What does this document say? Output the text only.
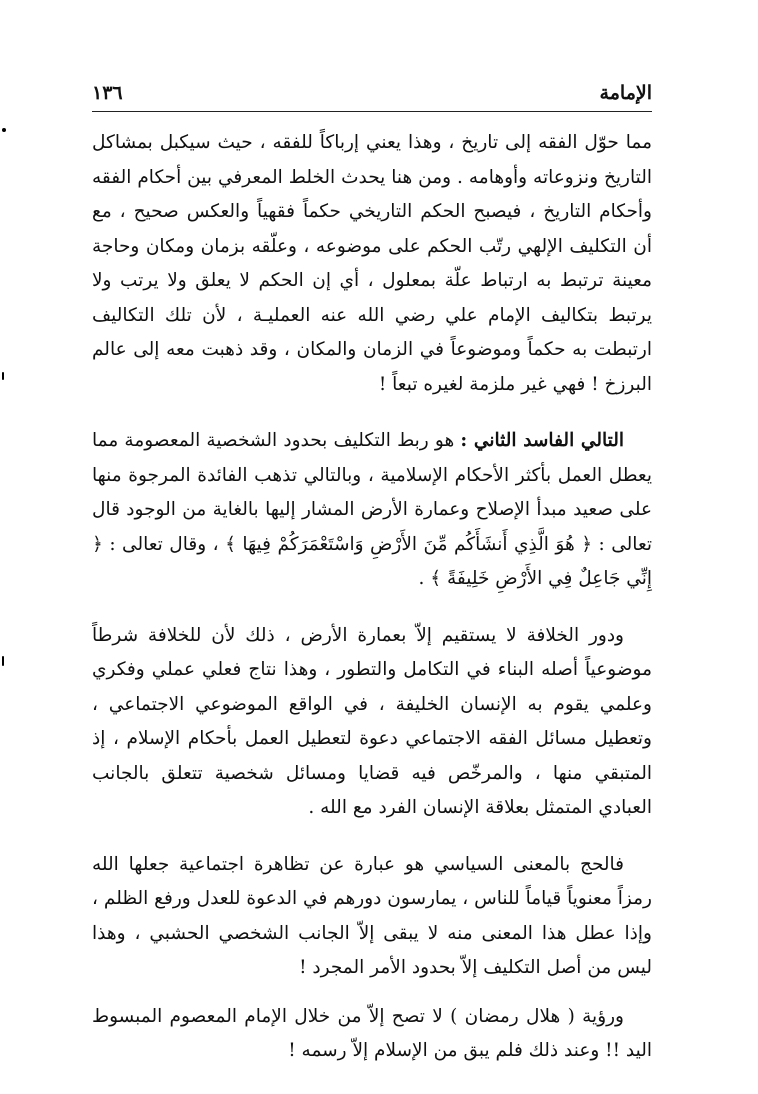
الإمامة
١٣٦

مما حوّل الفقه إلى تاريخ ، وهذا يعني إرباكاً للفقه ، حيث سيكبل بمشاكل التاريخ ونزوعاته وأوهامه . ومن هنا يحدث الخلط المعرفي بين أحكام الفقه وأحكام التاريخ ، فيصبح الحكم التاريخي حكماً فقهياً والعكس صحيح ، مع أن التكليف الإلهي رتّب الحكم على موضوعه ، وعلّقه بزمان ومكان وحاجة معينة ترتبط به ارتباط علّة بمعلول ، أي إن الحكم لا يعلق ولا يرتب ولا يرتبط بتكاليف الإمام علي رضي الله عنه العمليـة ، لأن تلك التكاليف ارتبطت به حكماً وموضوعاً في الزمان والمكان ، وقد ذهبت معه إلى عالم البرزخ ! فهي غير ملزمة لغيره تبعاً !

التالي الفاسد الثاني : هو ربط التكليف بحدود الشخصية المعصومة مما يعطل العمل بأكثر الأحكام الإسلامية ، وبالتالي تذهب الفائدة المرجوة منها على صعيد مبدأ الإصلاح وعمارة الأرض المشار إليها بالغاية من الوجود قال تعالى : ﴿ هُوَ الَّذِي أَنشَأَكُم مِّنَ الأَرْضِ وَاسْتَعْمَرَكُمْ فِيهَا ﴾ ، وقال تعالى : ﴿ إِنِّي جَاعِلٌ فِي الأَرْضِ خَلِيفَةً ﴾ .

ودور الخلافة لا يستقيم إلاّ بعمارة الأرض ، ذلك لأن للخلافة شرطاً موضوعياً أصله البناء في التكامل والتطور ، وهذا نتاج فعلي عملي وفكري وعلمي يقوم به الإنسان الخليفة ، في الواقع الموضوعي الاجتماعي ، وتعطيل مسائل الفقه الاجتماعي دعوة لتعطيل العمل بأحكام الإسلام ، إذ المتبقي منها ، والمرخّص فيه قضايا ومسائل شخصية تتعلق بالجانب العبادي المتمثل بعلاقة الإنسان الفرد مع الله .

فالحج بالمعنى السياسي هو عبارة عن تظاهرة اجتماعية جعلها الله رمزاً معنوياً قياماً للناس ، يمارسون دورهم في الدعوة للعدل ورفع الظلم ، وإذا عطل هذا المعنى منه لا يبقى إلاّ الجانب الشخصي الحشبي ، وهذا ليس من أصل التكليف إلاّ بحدود الأمر المجرد !

ورؤية ( هلال رمضان ) لا تصح إلاّ من خلال الإمام المعصوم المبسوط اليد !! وعند ذلك فلم يبق من الإسلام إلاّ رسمه !
